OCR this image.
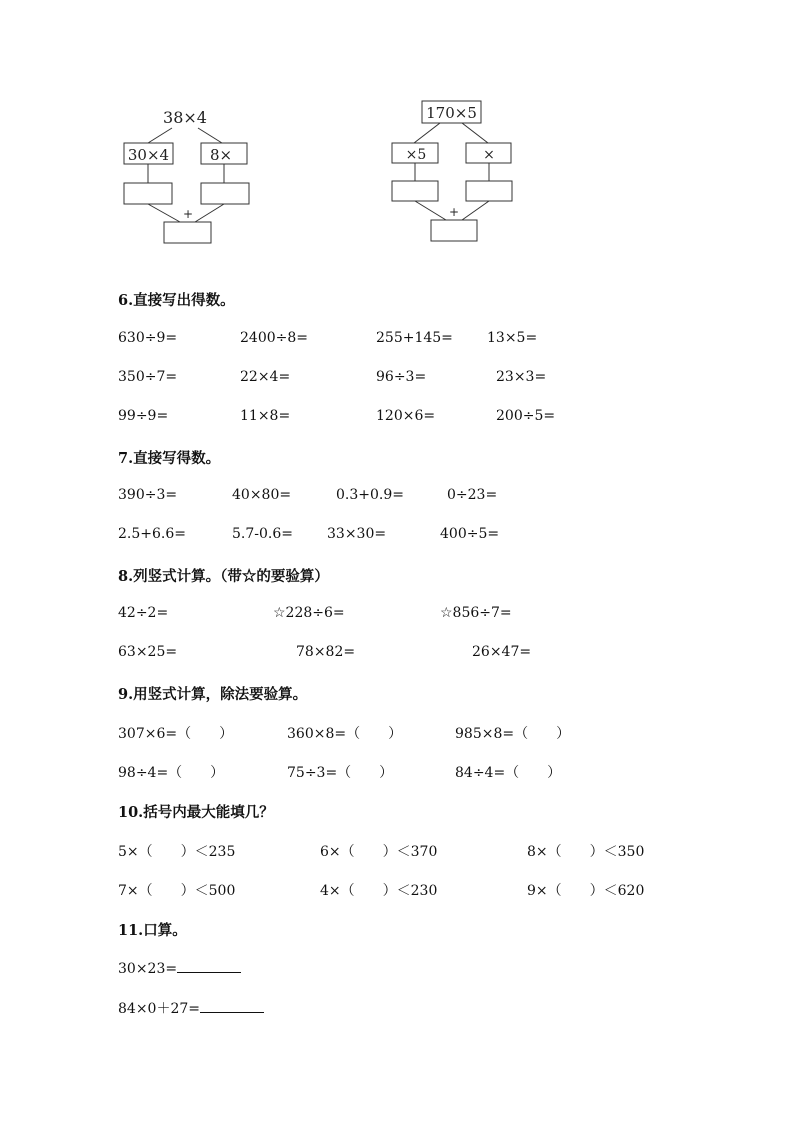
38×4
30×4	8×
+
170×5
×5	×
+
6.直接写出得数。
630÷9=	2400÷8=	255+145= 13×5=
350÷7=	22×4=	96÷3=	23×3=
99÷9=	11×8=	120×6=	200÷5=
7.直接写得数。
390÷3=	40×80=	0.3+0.9=	0÷23=
2.5+6.6=	5.7-0.6= 33×30=	400÷5=
8.列竖式计算。（带☆的要验算）
42÷2=	☆228÷6=	☆856÷7=
63×25=	78×82=	26×47=
9.用竖式计算，除法要验算。
307×6=（　　）	360×8=（　　）	985×8=（　　）
98÷4=（　　）	75÷3=（　　）	84÷4=（　　）
10.括号内最大能填几？
5×（　　）＜235	6×（　　）＜370	8×（　　）＜350
7×（　　）＜500	4×（　　）＜230	9×（　　）＜620
11.口算。
30×23=
84×0＋27=
